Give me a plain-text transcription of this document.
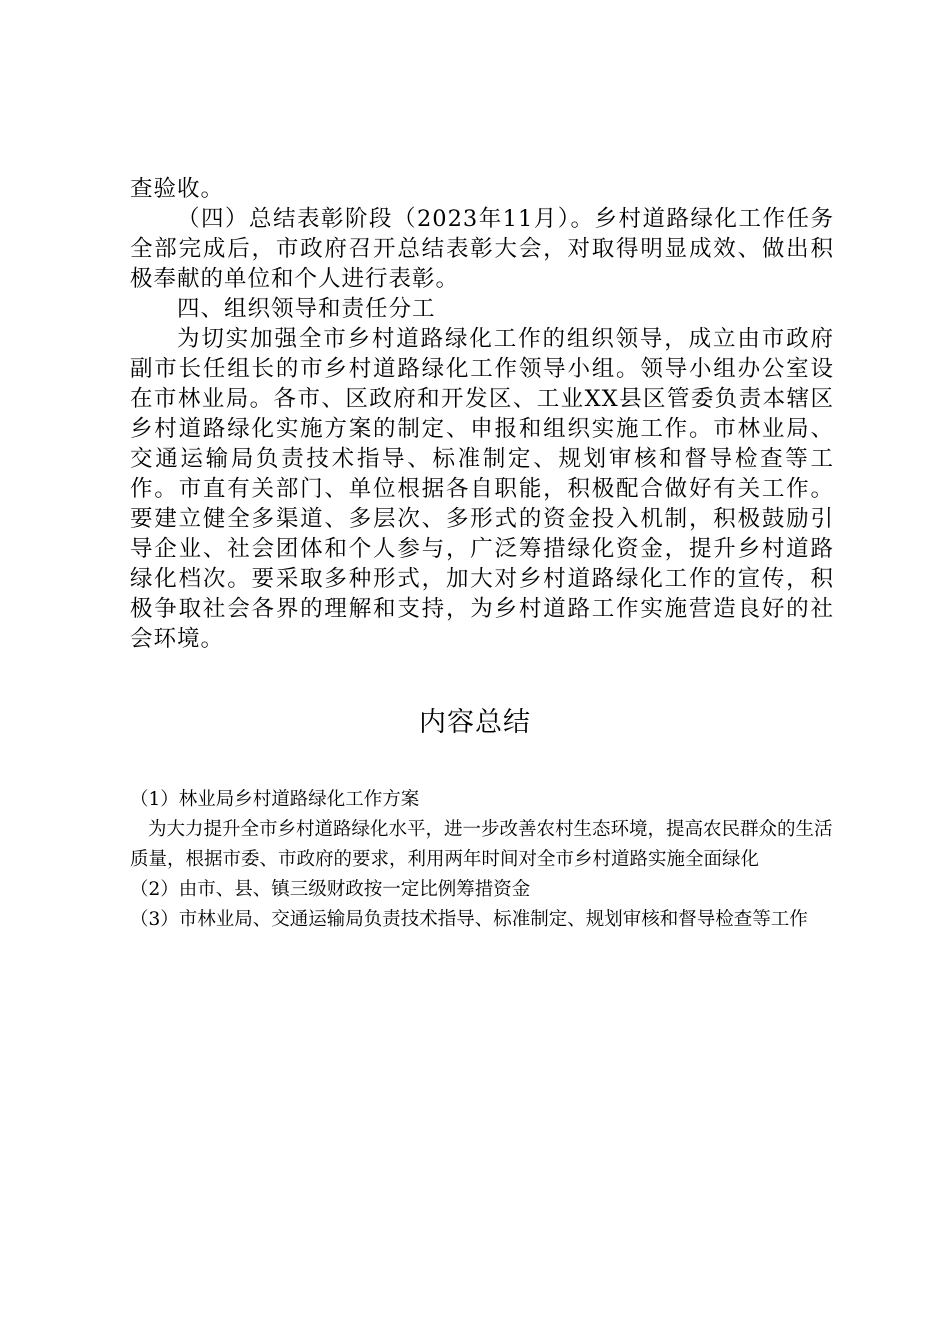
查验收。

（四）总结表彰阶段（2023年11月）。乡村道路绿化工作任务全部完成后，市政府召开总结表彰大会，对取得明显成效、做出积极奉献的单位和个人进行表彰。

四、组织领导和责任分工

为切实加强全市乡村道路绿化工作的组织领导，成立由市政府副市长任组长的市乡村道路绿化工作领导小组。领导小组办公室设在市林业局。各市、区政府和开发区、工业XX县区管委负责本辖区乡村道路绿化实施方案的制定、申报和组织实施工作。市林业局、交通运输局负责技术指导、标准制定、规划审核和督导检查等工作。市直有关部门、单位根据各自职能，积极配合做好有关工作。要建立健全多渠道、多层次、多形式的资金投入机制，积极鼓励引导企业、社会团体和个人参与，广泛筹措绿化资金，提升乡村道路绿化档次。要采取多种形式，加大对乡村道路绿化工作的宣传，积极争取社会各界的理解和支持，为乡村道路工作实施营造良好的社会环境。

内容总结

（1）林业局乡村道路绿化工作方案

为大力提升全市乡村道路绿化水平，进一步改善农村生态环境，提高农民群众的生活质量，根据市委、市政府的要求，利用两年时间对全市乡村道路实施全面绿化

（2）由市、县、镇三级财政按一定比例筹措资金

（3）市林业局、交通运输局负责技术指导、标准制定、规划审核和督导检查等工作
